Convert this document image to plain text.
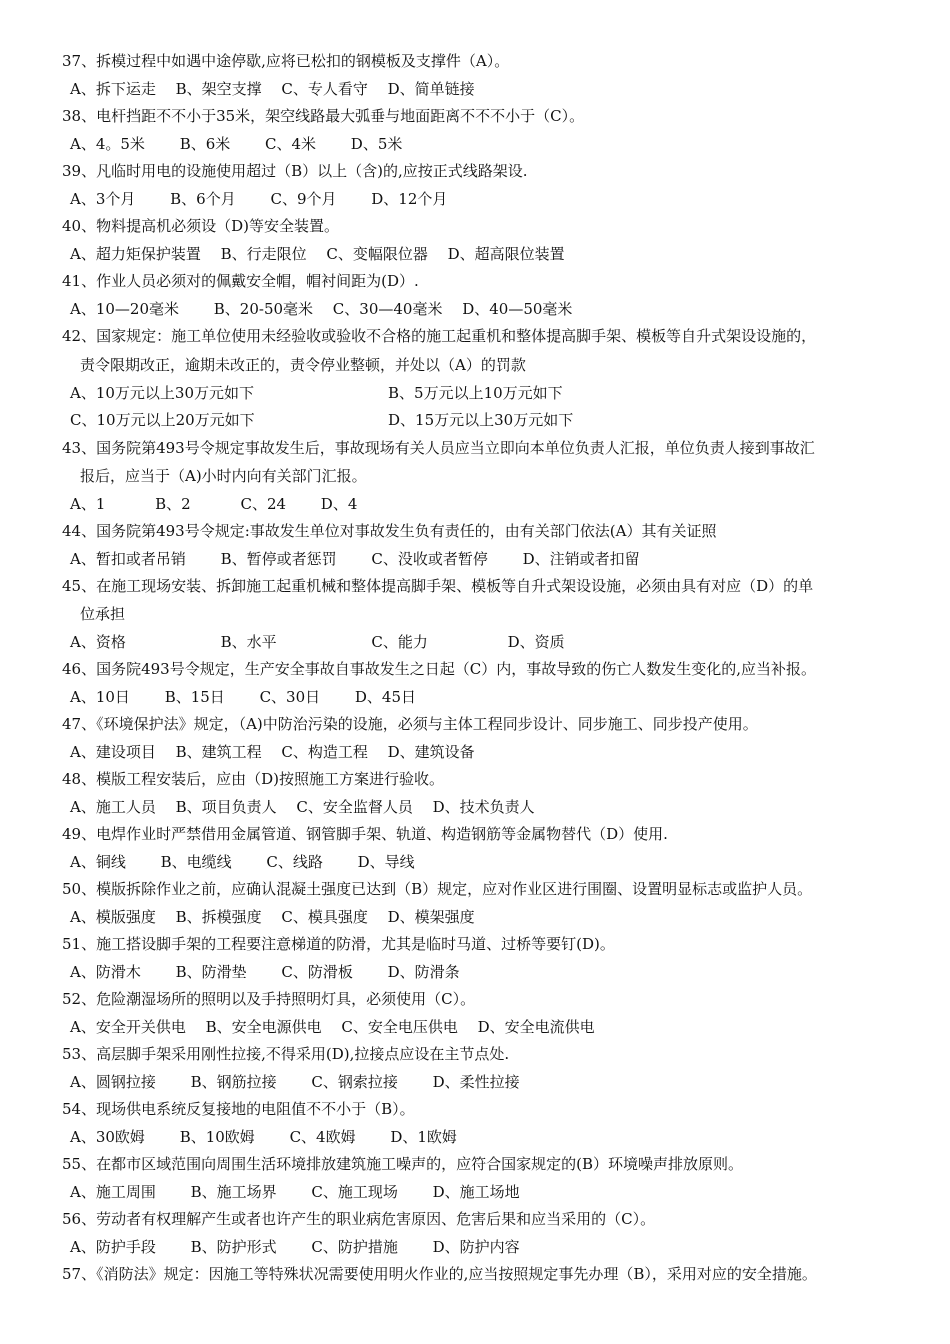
37、拆模过程中如遇中途停歇,应将已松扣的钢模板及支撑件（A）。
A、拆下运走 　B、架空支撑 　C、专人看守 　D、简单链接
38、电杆挡距不不小于35米，架空线路最大弧垂与地面距离不不不小于（C）。
A、4。5米 　　B、6米 　　C、4米 　　D、5米
39、凡临时用电的设施使用超过（B）以上（含)的,应按正式线路架设.
A、3个月 　　B、6个月 　　C、9个月 　　D、12个月
40、物料提高机必须设（D)等安全装置。
A、超力矩保护装置 　B、行走限位 　C、变幅限位器 　D、超高限位装置
41、作业人员必须对的佩戴安全帽，帽衬间距为(D）.
A、10—20毫米 　　B、20-50毫米 　C、30—40毫米 　D、40—50毫米
42、国家规定：施工单位使用未经验收或验收不合格的施工起重机和整体提高脚手架、模板等自升式架设设施的，
责令限期改正，逾期未改正的，责令停业整顿，并处以（A）的罚款
A、10万元以上30万元如下	B、5万元以上10万元如下
C、10万元以上20万元如下	D、15万元以上30万元如下
43、国务院第493号令规定事故发生后，事故现场有关人员应当立即向本单位负责人汇报，单位负责人接到事故汇
报后，应当于（A)小时内向有关部门汇报。
A、1 　　　B、2 　　　C、24 　　D、4
44、国务院第493号令规定:事故发生单位对事故发生负有责任的，由有关部门依法(A）其有关证照
A、暂扣或者吊销 　　B、暂停或者惩罚 　　C、没收或者暂停 　　D、注销或者扣留
45、在施工现场安装、拆卸施工起重机械和整体提高脚手架、模板等自升式架设设施，必须由具有对应（D）的单
位承担
A、资格 　　　　　　B、水平 　　　　　　C、能力 　　　　　D、资质
46、国务院493号令规定，生产安全事故自事故发生之日起（C）内，事故导致的伤亡人数发生变化的,应当补报。
A、10日 　　B、15日 　　C、30日 　　D、45日
47、《环境保护法》规定，（A)中防治污染的设施，必须与主体工程同步设计、同步施工、同步投产使用。
A、建设项目 　B、建筑工程 　C、构造工程 　D、建筑设备
48、模版工程安装后，应由（D)按照施工方案进行验收。
A、施工人员 　B、项目负责人 　C、安全监督人员 　D、技术负责人
49、电焊作业时严禁借用金属管道、钢管脚手架、轨道、构造钢筋等金属物替代（D）使用.
A、铜线 　　B、电缆线 　　C、线路 　　D、导线
50、模版拆除作业之前，应确认混凝土强度已达到（B）规定，应对作业区进行围圈、设置明显标志或监护人员。
A、模版强度 　B、拆模强度 　C、模具强度 　D、模架强度
51、施工搭设脚手架的工程要注意梯道的防滑，尤其是临时马道、过桥等要钉(D)。
A、防滑木 　　B、防滑垫 　　C、防滑板 　　D、防滑条
52、危险潮湿场所的照明以及手持照明灯具，必须使用（C）。
A、安全开关供电 　B、安全电源供电 　C、安全电压供电 　D、安全电流供电
53、高层脚手架采用刚性拉接,不得采用(D),拉接点应设在主节点处.
A、圆钢拉接 　　B、钢筋拉接 　　C、钢索拉接 　　D、柔性拉接
54、现场供电系统反复接地的电阻值不不小于（B）。
A、30欧姆 　　B、10欧姆 　　C、4欧姆 　　D、1欧姆
55、在都市区域范围向周围生活环境排放建筑施工噪声的，应符合国家规定的(B）环境噪声排放原则。
A、施工周围 　　B、施工场界 　　C、施工现场 　　D、施工场地
56、劳动者有权理解产生或者也许产生的职业病危害原因、危害后果和应当采用的（C）。
A、防护手段 　　B、防护形式 　　C、防护措施 　　D、防护内容
57、《消防法》规定：因施工等特殊状况需要使用明火作业的,应当按照规定事先办理（B），采用对应的安全措施。
